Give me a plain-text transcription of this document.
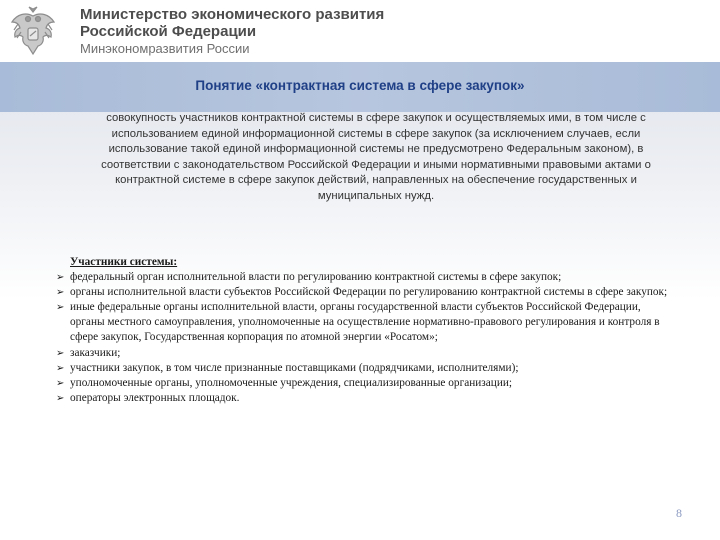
Министерство экономического развития
Российской Федерации
Минэкономразвития России
Понятие «контрактная система в сфере закупок»

совокупность участников контрактной системы в сфере закупок и осуществляемых ими, в том числе с использованием единой информационной системы в сфере закупок (за исключением случаев, если использование такой единой информационной системы не предусмотрено Федеральным законом), в соответствии с законодательством Российской Федерации и иными нормативными правовыми актами о контрактной системе в сфере закупок действий, направленных на обеспечение государственных и муниципальных нужд.

Участники системы:
➢ федеральный орган исполнительной власти по регулированию контрактной системы в сфере закупок;
➢ органы исполнительной власти субъектов Российской Федерации по регулированию контрактной системы в сфере закупок;
➢ иные федеральные органы исполнительной власти, органы государственной власти субъектов Российской Федерации, органы местного самоуправления, уполномоченные на осуществление нормативно-правового регулирования и контроля в сфере закупок, Государственная корпорация по атомной энергии «Росатом»;
➢ заказчики;
➢ участники закупок, в том числе признанные поставщиками (подрядчиками, исполнителями);
➢ уполномоченные органы, уполномоченные учреждения, специализированные организации;
➢ операторы электронных площадок.
8
